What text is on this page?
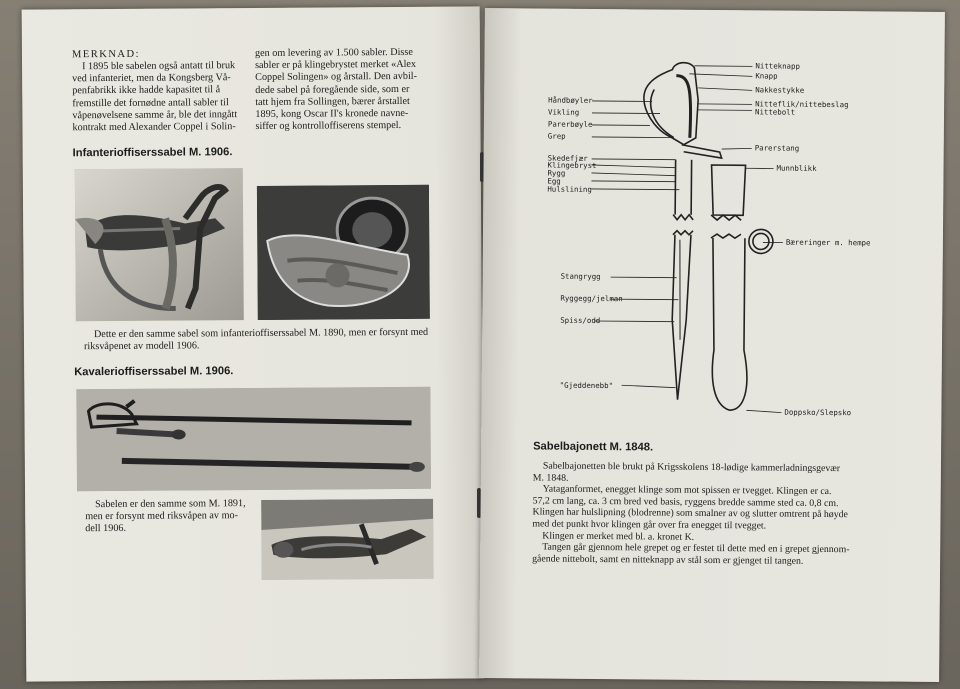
MERKNAD:
I 1895 ble sabelen også antatt til bruk
ved infanteriet, men da Kongsberg Vå-
penfabrikk ikke hadde kapasitet til å
fremstille det fornødne antall sabler til
våpenøvelsene samme år, ble det inngått
kontrakt med Alexander Coppel i Solin-
gen om levering av 1.500 sabler. Disse
sabler er på klingebrystet merket «Alex
Coppel Solingen» og årstall. Den avbil-
dede sabel på foregående side, som er
tatt hjem fra Sollingen, bærer årstallet
1895, kong Oscar II's kronede navne-
siffer og kontrolloffiserens stempel.
Infanterioffiserssabel M. 1906.
Dette er den samme sabel som infanterioffiserssabel M. 1890, men er forsynt med
riksvåpenet av modell 1906.
Kavalerioffiserssabel M. 1906.
Sabelen er den samme som M. 1891,
men er forsynt med riksvåpen av mo-
dell 1906.
Nitteknapp
Knapp
Nakkestykke
Nitteflik/nittebeslag
Nittebolt
Parerstang
Munnblikk
Bæreringer m. hempe
Doppsko/Slepsko
Håndbøyler
Vikling
Parerbøyle
Grep
Skedefjær
Klingebryst
Rygg
Egg
Hulslining
Stangrygg
Ryggegg/jelman
Spiss/odd
"Gjeddenebb"
Sabelbajonett M. 1848.
Sabelbajonetten ble brukt på Krigsskolens 18-lødige kammerladningsgevær
M. 1848.
Yataganformet, enegget klinge som mot spissen er tvegget. Klingen er ca.
57,2 cm lang, ca. 3 cm bred ved basis, ryggens bredde samme sted ca. 0,8 cm.
Klingen har hulslipning (blodrenne) som smalner av og slutter omtrent på høyde
med det punkt hvor klingen går over fra enegget til tvegget.
Klingen er merket med bl. a. kronet K.
Tangen går gjennom hele grepet og er festet til dette med en i grepet gjennom-
gående nittebolt, samt en nitteknapp av stål som er gjenget til tangen.
